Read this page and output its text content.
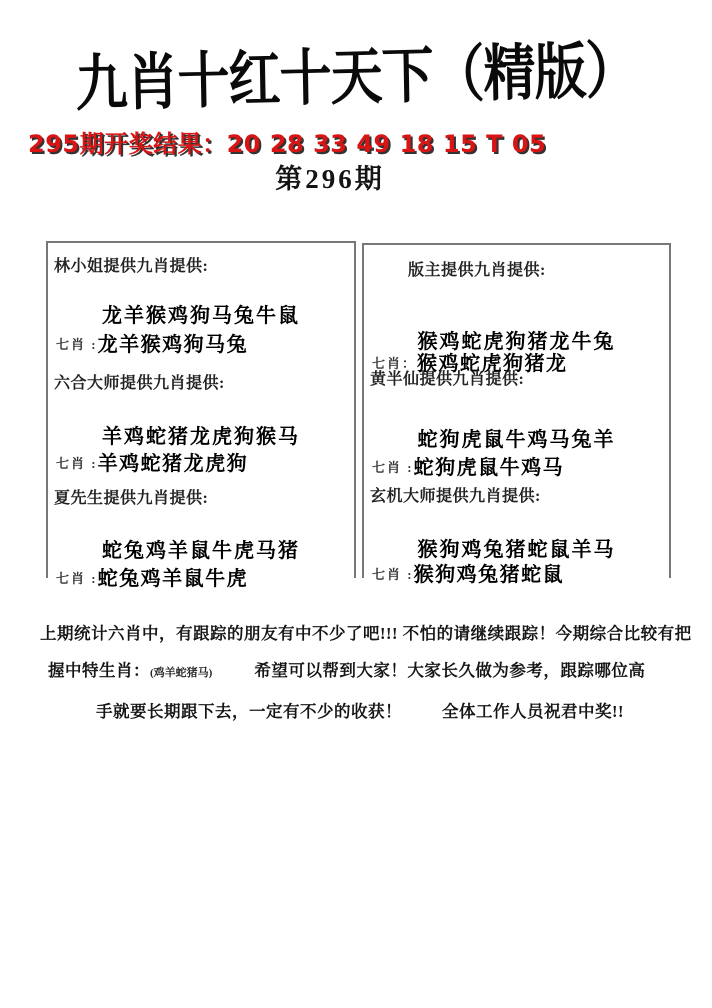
九肖十红十天下（精版）
295期开奖结果：20 28 33 49 18 15 T 05
第296期
林小姐提供九肖提供:
龙羊猴鸡狗马兔牛鼠
七肖 :龙羊猴鸡狗马兔
六合大师提供九肖提供:
羊鸡蛇猪龙虎狗猴马
七肖 :羊鸡蛇猪龙虎狗
夏先生提供九肖提供:
蛇兔鸡羊鼠牛虎马猪
七肖 :蛇兔鸡羊鼠牛虎
版主提供九肖提供:
猴鸡蛇虎狗猪龙牛兔
七肖：猴鸡蛇虎狗猪龙
黄半仙提供九肖提供:
蛇狗虎鼠牛鸡马兔羊
七肖 :蛇狗虎鼠牛鸡马
玄机大师提供九肖提供:
猴狗鸡兔猪蛇鼠羊马
七肖 :猴狗鸡兔猪蛇鼠
上期统计六肖中，有跟踪的朋友有中不少了吧!!! 不怕的请继续跟踪！今期综合比较有把
握中特生肖：(鸡羊蛇猪马)	希望可以帮到大家！大家长久做为参考，跟踪哪位高
手就要长期跟下去，一定有不少的收获！ 全体工作人员祝君中奖!!
